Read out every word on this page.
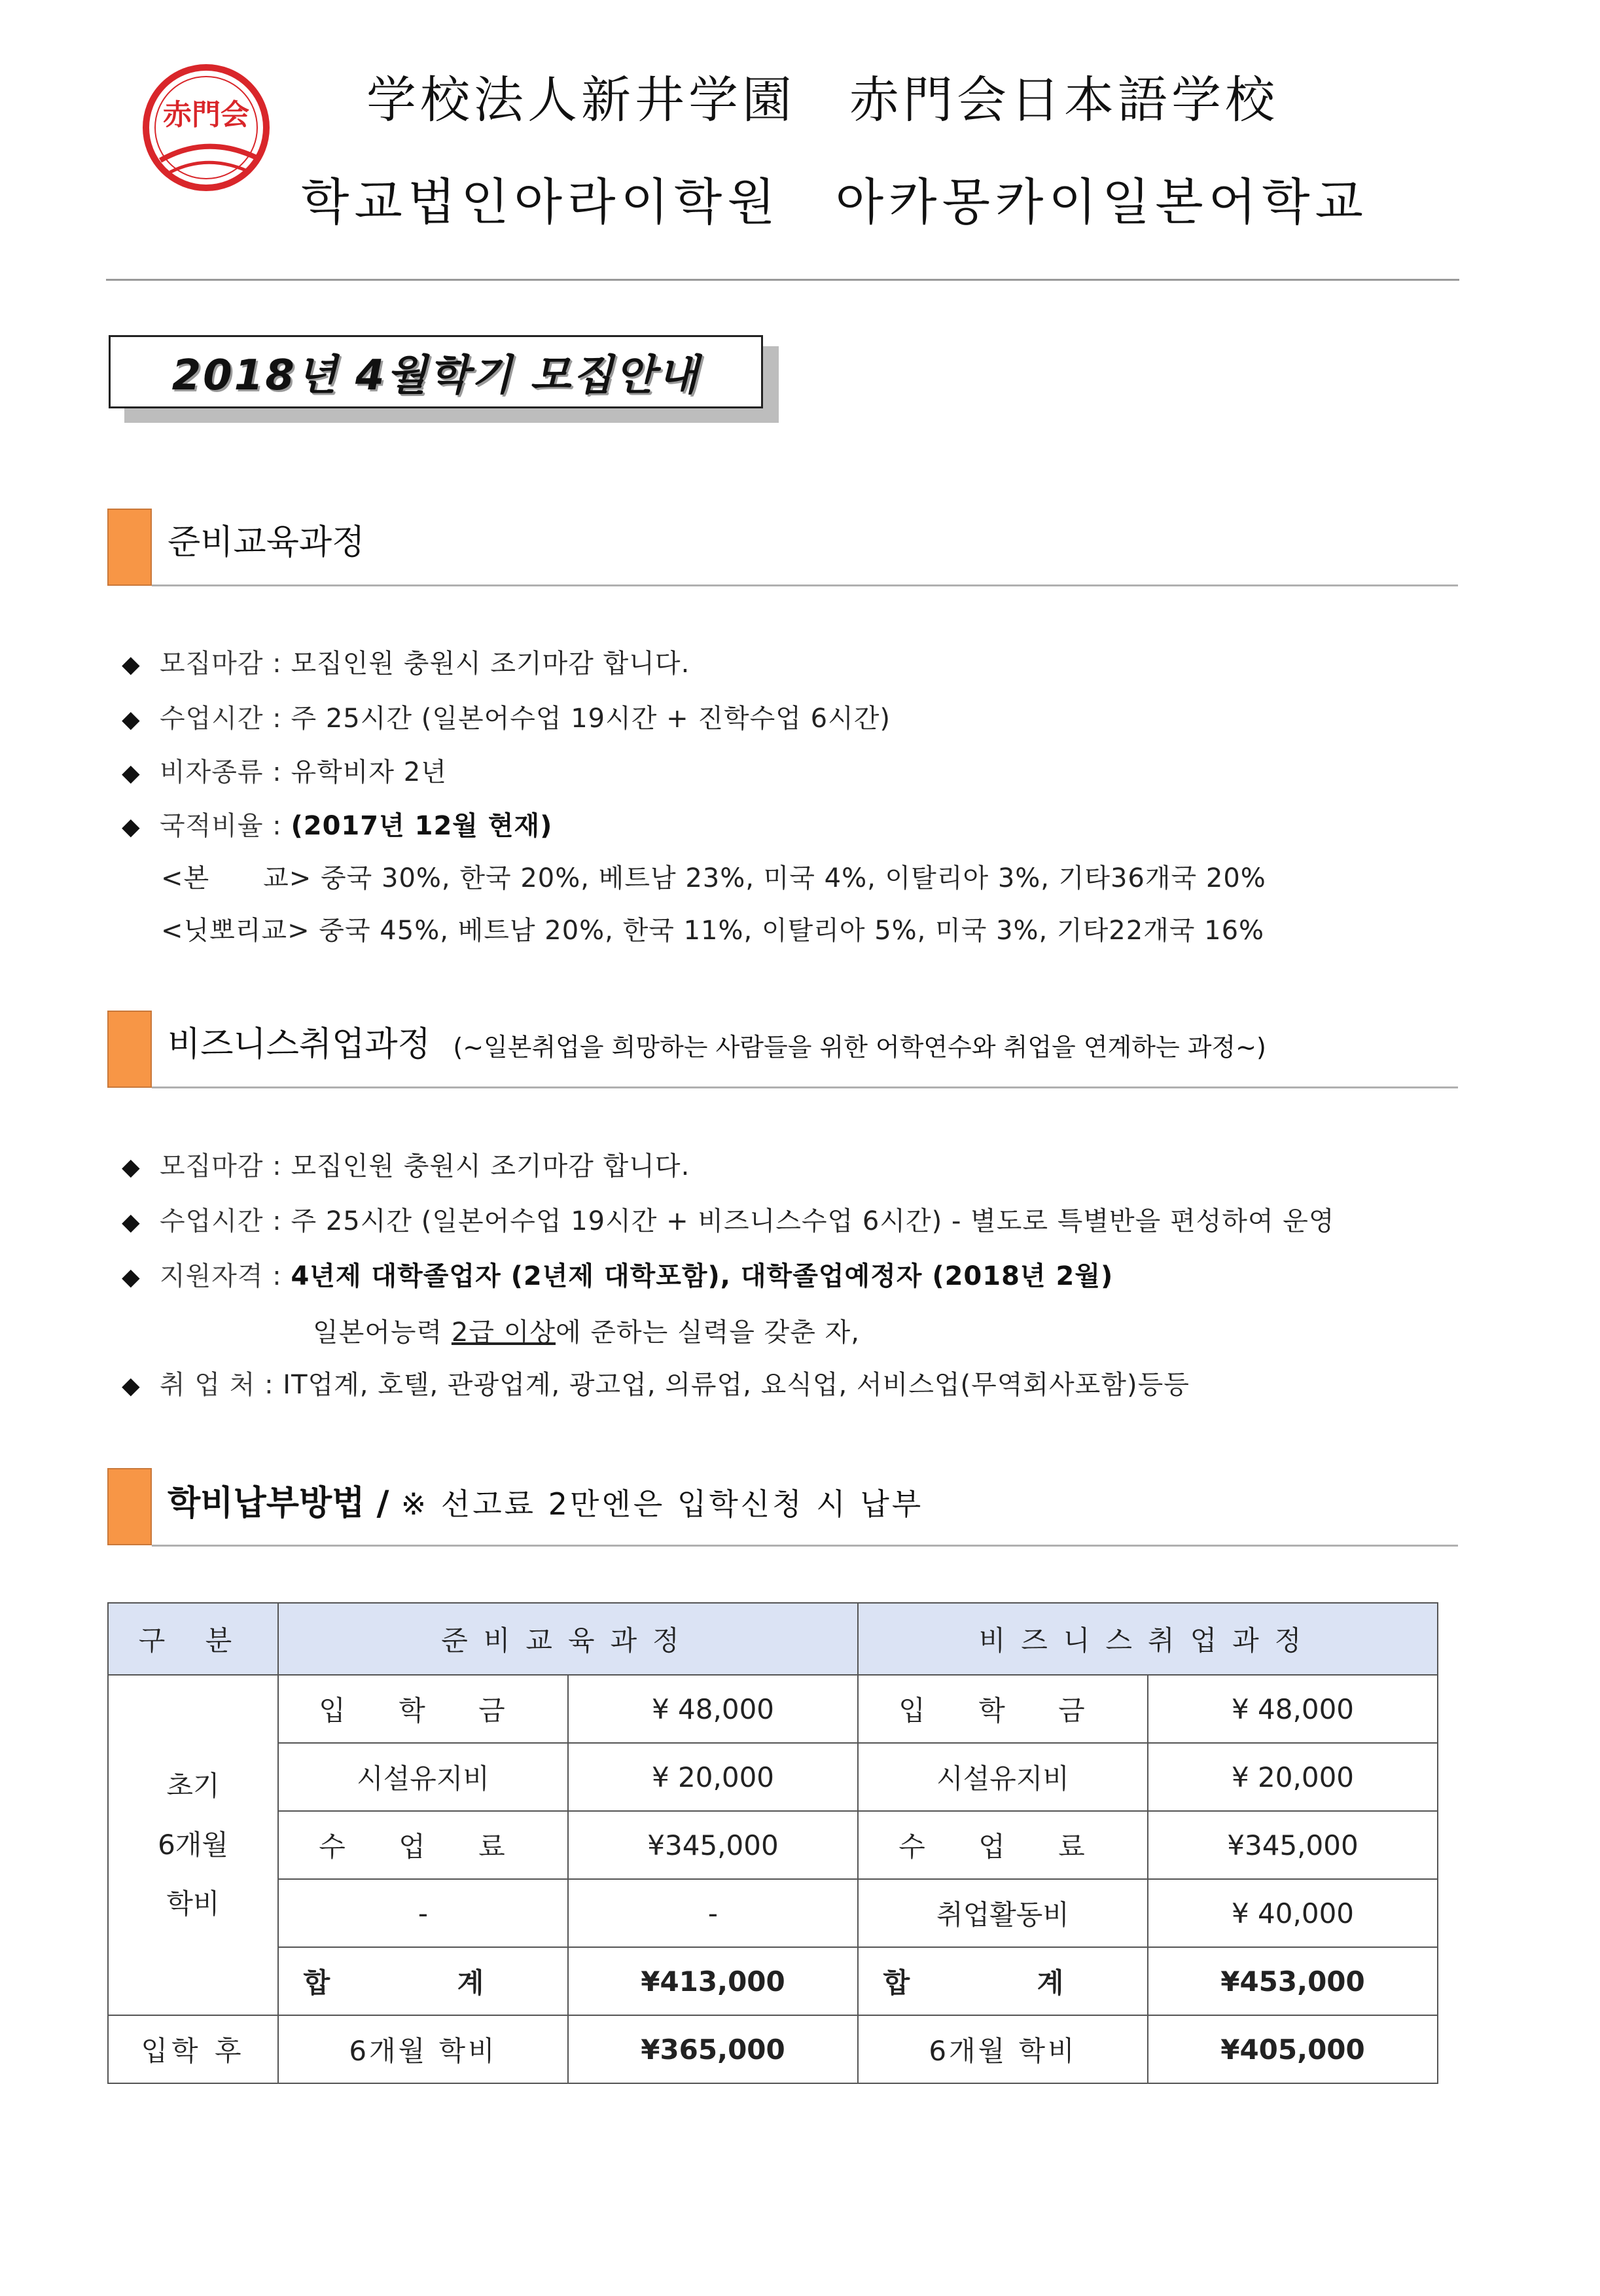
赤門会 学校法人新井学園　赤門会日本語学校
학교법인아라이학원　아카몽카이일본어학교
2018년 4월학기 모집안내
준비교육과정
◆ 모집마감 : 모집인원 충원시 조기마감 합니다.
◆ 수업시간 : 주 25시간 (일본어수업 19시간 + 진학수업 6시간)
◆ 비자종류 : 유학비자 2년
◆ 국적비율 : (2017년 12월 현재)
<본　　교> 중국 30%, 한국 20%, 베트남 23%, 미국 4%, 이탈리아 3%, 기타36개국 20%
<닛뽀리교> 중국 45%, 베트남 20%, 한국 11%, 이탈리아 5%, 미국 3%, 기타22개국 16%
비즈니스취업과정 (~일본취업을 희망하는 사람들을 위한 어학연수와 취업을 연계하는 과정~)
◆ 모집마감 : 모집인원 충원시 조기마감 합니다.
◆ 수업시간 : 주 25시간 (일본어수업 19시간 + 비즈니스수업 6시간) - 별도로 특별반을 편성하여 운영
◆ 지원자격 : 4년제 대학졸업자 (2년제 대학포함), 대학졸업예정자 (2018년 2월)
일본어능력 2급 이상에 준하는 실력을 갖춘 자,
◆ 취 업 처 : IT업계, 호텔, 관광업계, 광고업, 의류업, 요식업, 서비스업(무역회사포함)등등
학비납부방법 / ※ 선고료 2만엔은 입학신청 시 납부
구 분	준비교육과정		비즈니스취업과정	

초기
6개월
학비	입 학 금	¥ 48,000	입 학 금	¥ 48,000
	시설유지비	¥ 20,000	시설유지비	¥ 20,000
	수 업 료	¥345,000	수 업 료	¥345,000
	-	-	취업활동비	¥ 40,000
	합 계	¥413,000	합 계	¥453,000
입학 후	6개월 학비	¥365,000	6개월 학비	¥405,000
